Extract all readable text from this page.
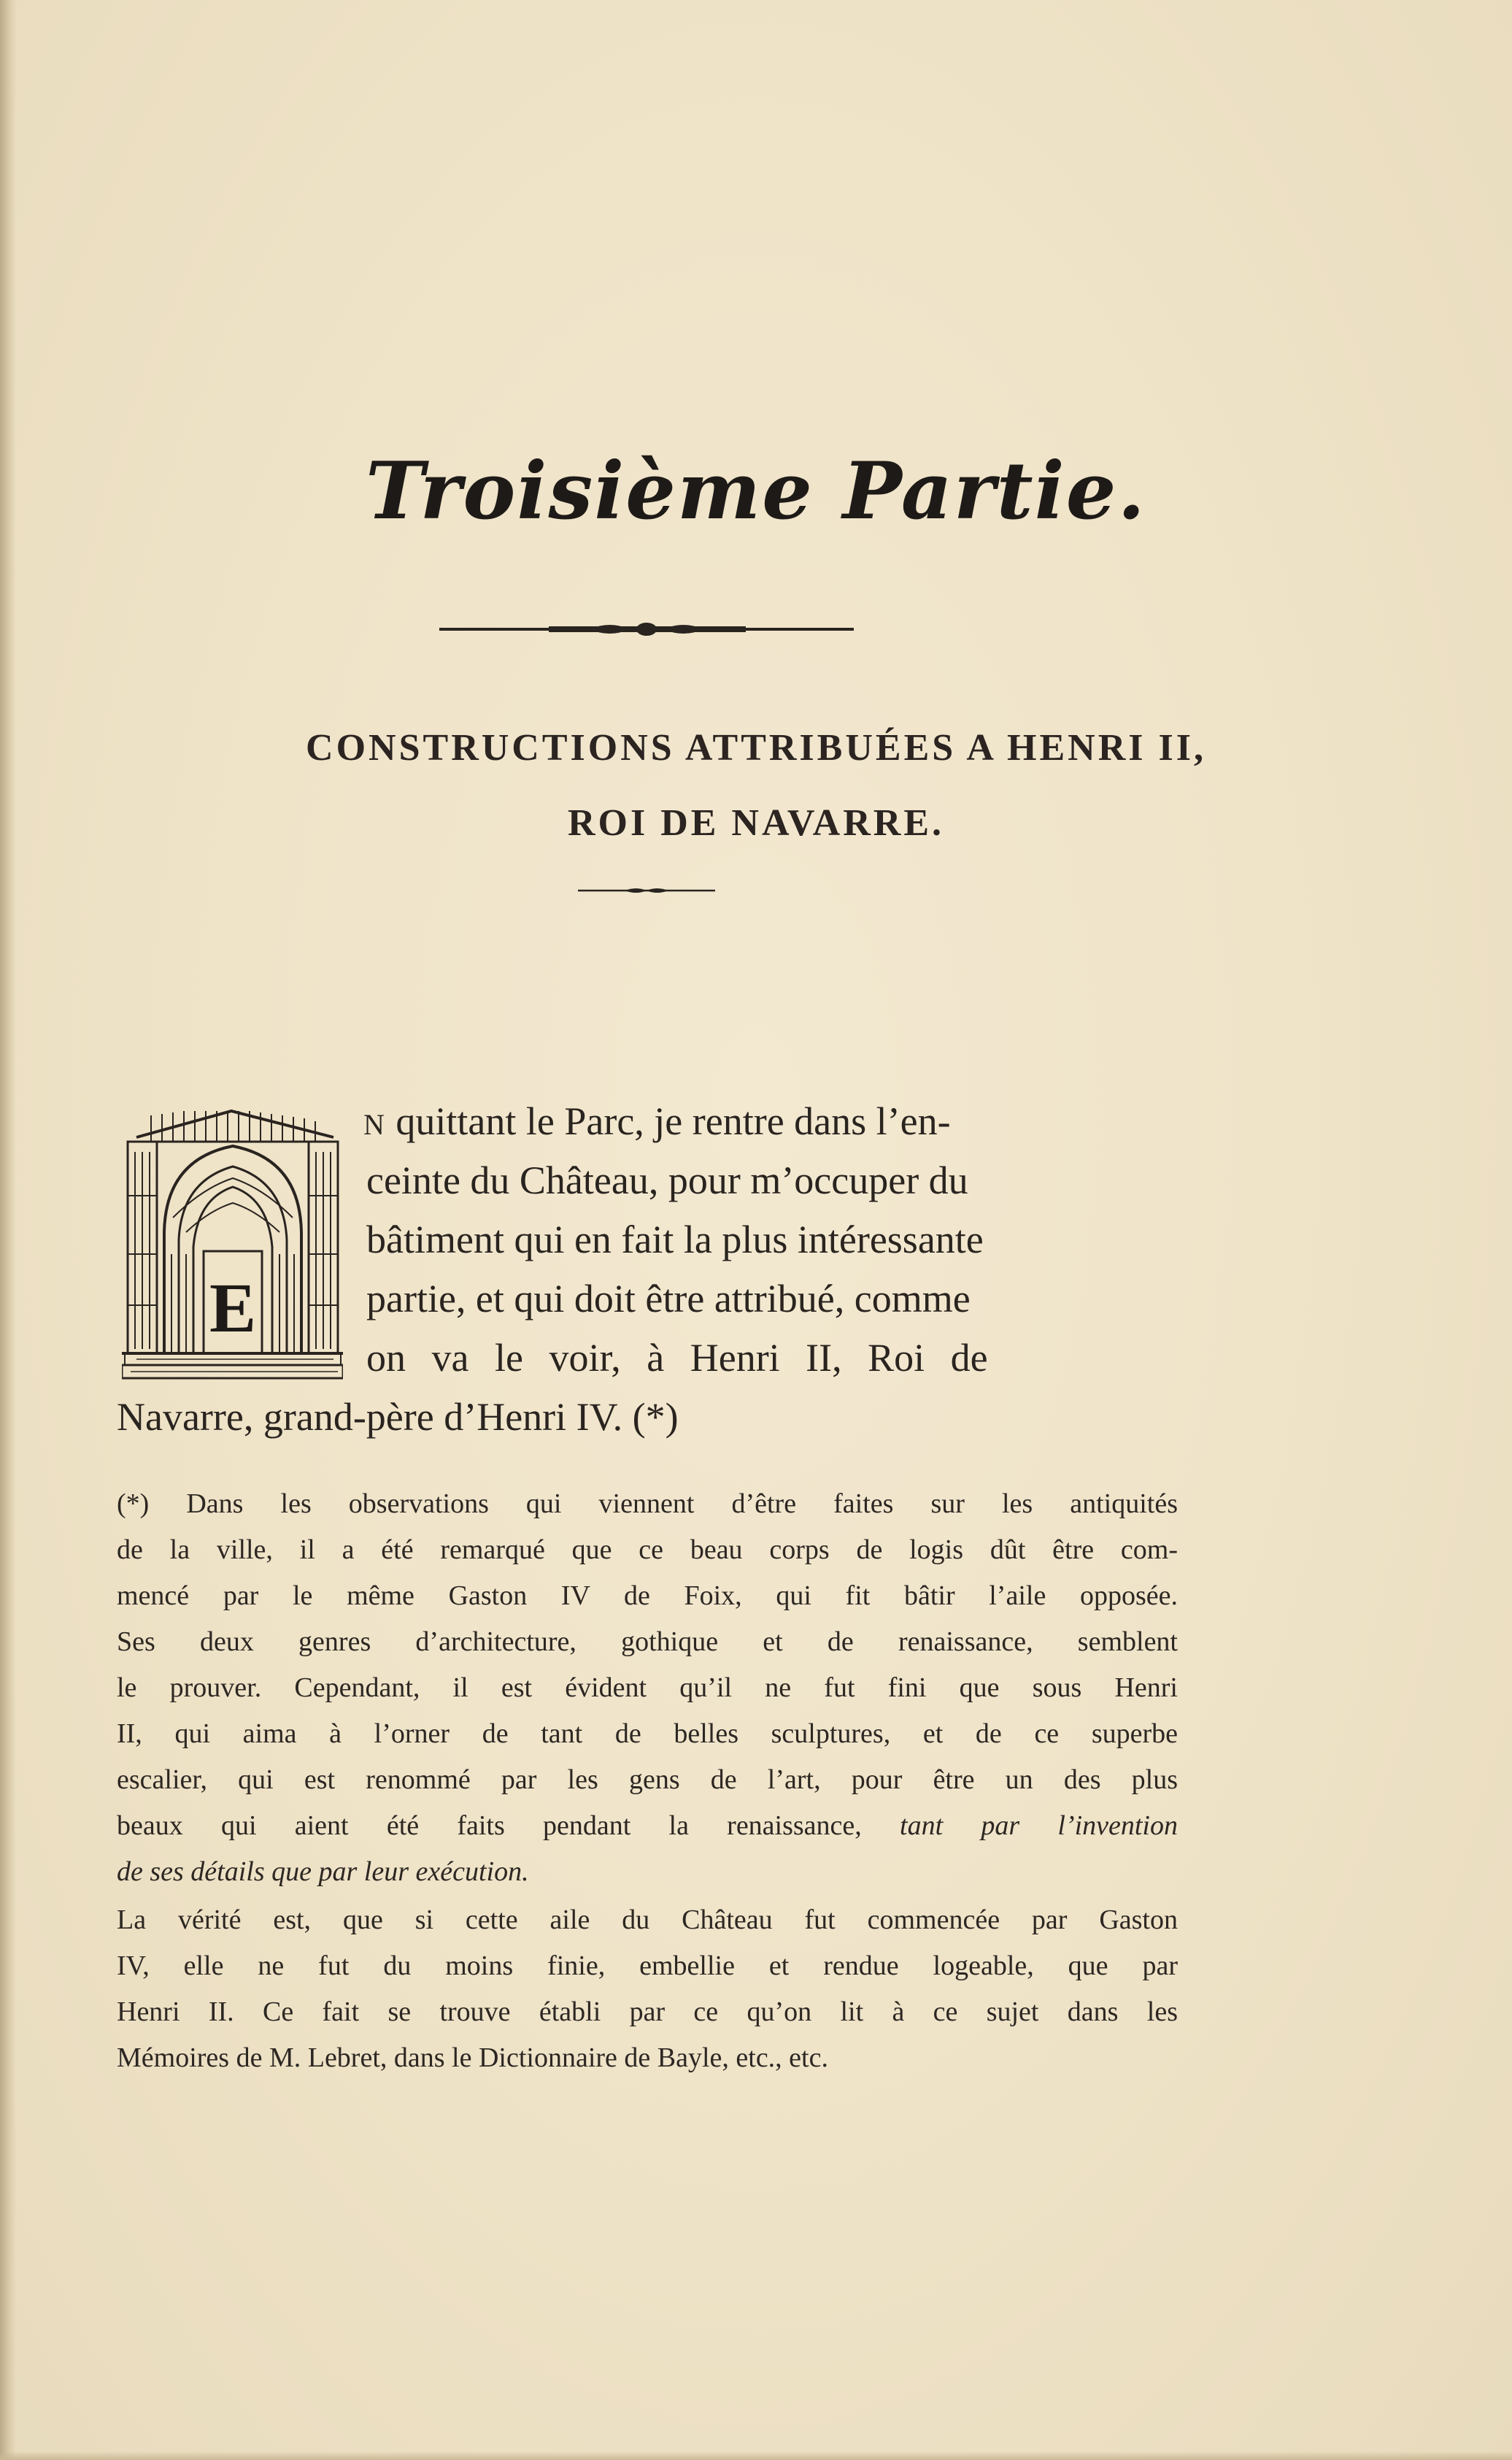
Troisième Partie.
CONSTRUCTIONS ATTRIBUÉES A HENRI II,
ROI DE NAVARRE.
E
N quittant le Parc, je rentre dans l’en-
ceinte du Château, pour m’occuper du
bâtiment qui en fait la plus intéressante
partie, et qui doit être attribué, comme
on va le voir, à Henri II, Roi de
Navarre, grand-père d’Henri IV. (*)
(*) Dans les observations qui viennent d’être faites sur les antiquités
de la ville, il a été remarqué que ce beau corps de logis dût être com-
mencé par le même Gaston IV de Foix, qui fit bâtir l’aile opposée.
Ses deux genres d’architecture, gothique et de renaissance, semblent
le prouver. Cependant, il est évident qu’il ne fut fini que sous Henri
II, qui aima à l’orner de tant de belles sculptures, et de ce superbe
escalier, qui est renommé par les gens de l’art, pour être un des plus
beaux qui aient été faits pendant la renaissance, tant par l’invention
de ses détails que par leur exécution.
La vérité est, que si cette aile du Château fut commencée par Gaston
IV, elle ne fut du moins finie, embellie et rendue logeable, que par
Henri II. Ce fait se trouve établi par ce qu’on lit à ce sujet dans les
Mémoires de M. Lebret, dans le Dictionnaire de Bayle, etc., etc.
